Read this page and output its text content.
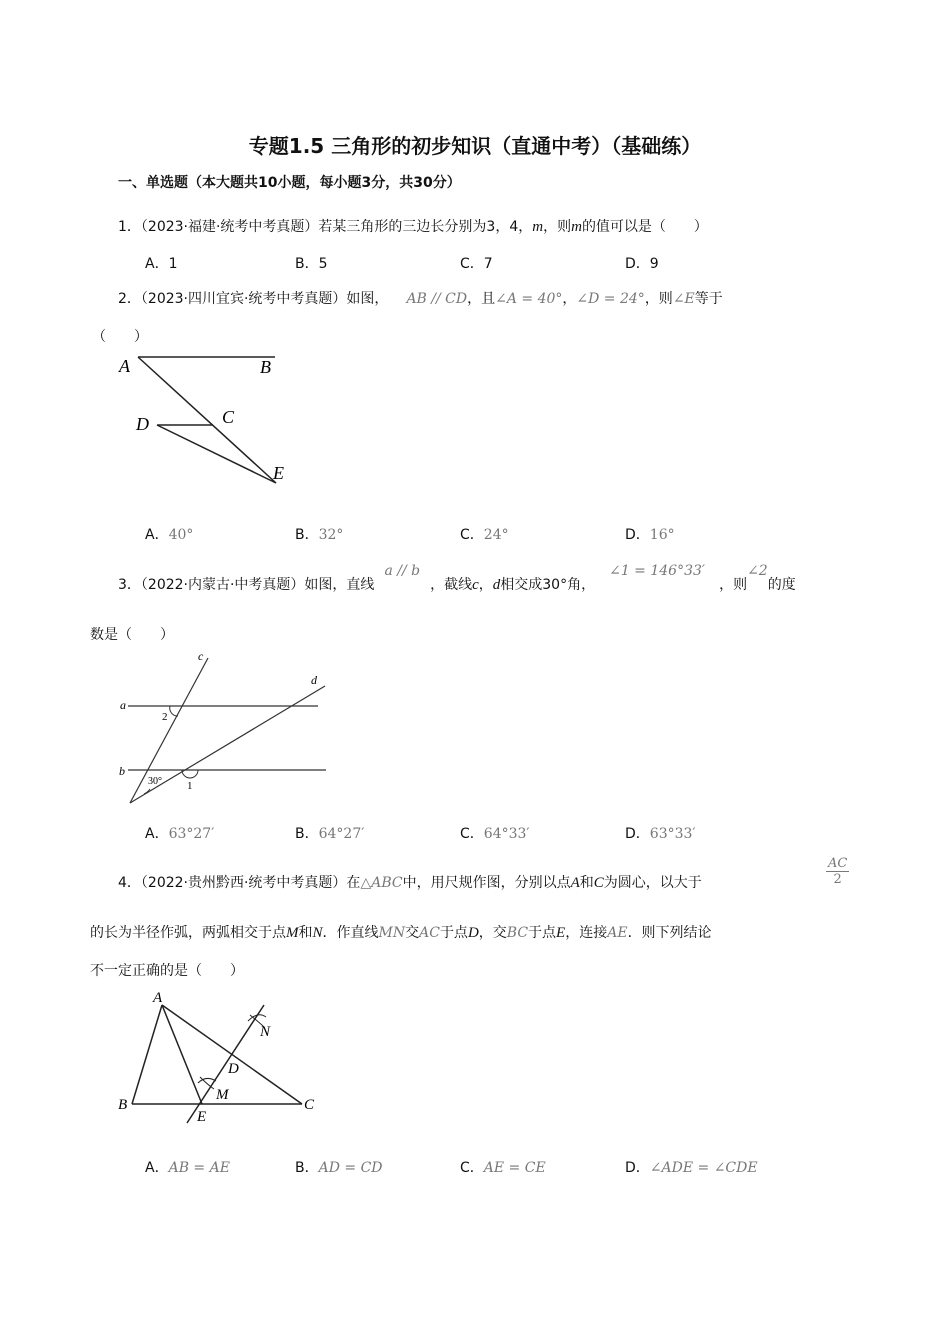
专题1.5 三角形的初步知识（直通中考）（基础练）
一、单选题（本大题共10小题，每小题3分，共30分）
1．（2023·福建·统考中考真题）若某三角形的三边长分别为3，4，m，则m的值可以是（　　）
A．1	B．5	C．7	D．9
2．（2023·四川宜宾·统考中考真题）如图， AB // CD，且∠A = 40°，∠D = 24°，则∠E等于
（　　）
A	B
C
D
E
A．40°	B．32°	C．24°	D．16°
3．（2022·内蒙古·中考真题）如图，直线a // b，截线c，d相交成30°角，∠1 = 146°33′，则∠2的度
数是（　　）
c
d
a
b
2
1
30°
A．63°27′	B．64°27′	C．64°33′	D．63°33′
4．（2022·贵州黔西·统考中考真题）在△ABC中，用尺规作图，分别以点A和C为圆心，以大于	$\frac{AC}{2}$
的长为半径作弧，两弧相交于点M和N．作直线MN交AC于点D，交BC于点E，连接AE．则下列结论
不一定正确的是（　　）
A
B	C
D
E
M
N
A．AB = AE	B．AD = CD	C．AE = CE	D．∠ADE = ∠CDE
